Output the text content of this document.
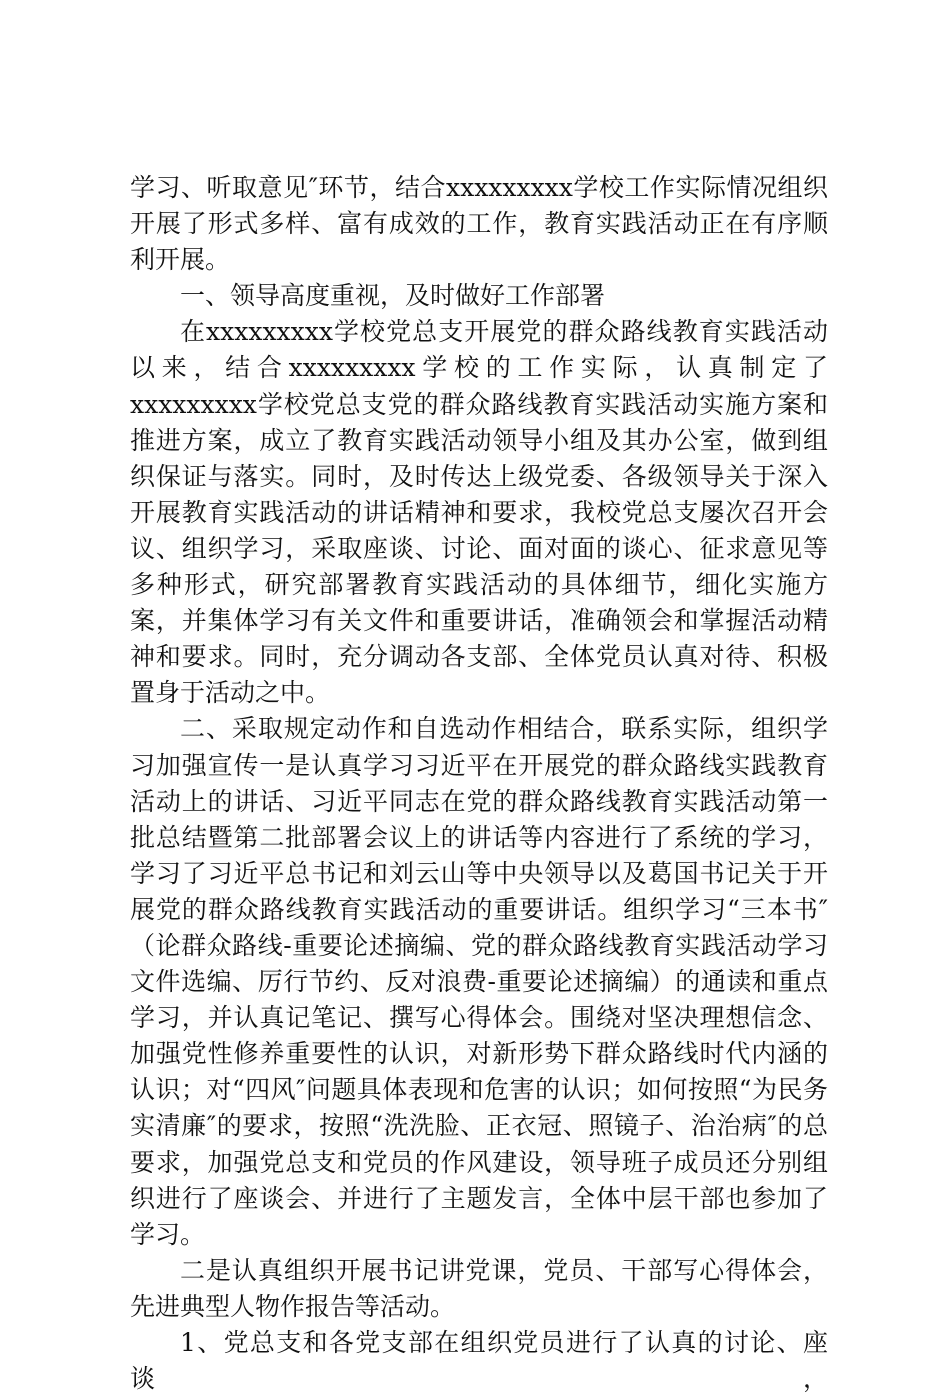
学习、听取意见″环节，结合xxxxxxxxx学校工作实际情况组织开展了形式多样、富有成效的工作，教育实践活动正在有序顺利开展。

一、领导高度重视，及时做好工作部署

在xxxxxxxxx学校党总支开展党的群众路线教育实践活动以来，结合xxxxxxxxx学校的工作实际，认真制定了xxxxxxxxx学校党总支党的群众路线教育实践活动实施方案和推进方案，成立了教育实践活动领导小组及其办公室，做到组织保证与落实。同时，及时传达上级党委、各级领导关于深入开展教育实践活动的讲话精神和要求，我校党总支屡次召开会议、组织学习，采取座谈、讨论、面对面的谈心、征求意见等多种形式，研究部署教育实践活动的具体细节，细化实施方案，并集体学习有关文件和重要讲话，准确领会和掌握活动精神和要求。同时，充分调动各支部、全体党员认真对待、积极置身于活动之中。

二、采取规定动作和自选动作相结合，联系实际，组织学习加强宣传一是认真学习习近平在开展党的群众路线实践教育活动上的讲话、习近平同志在党的群众路线教育实践活动第一批总结暨第二批部署会议上的讲话等内容进行了系统的学习，学习了习近平总书记和刘云山等中央领导以及葛国书记关于开展党的群众路线教育实践活动的重要讲话。组织学习“三本书″（论群众路线-重要论述摘编、党的群众路线教育实践活动学习文件选编、厉行节约、反对浪费-重要论述摘编）的通读和重点学习，并认真记笔记、撰写心得体会。围绕对坚决理想信念、加强党性修养重要性的认识，对新形势下群众路线时代内涵的认识；对“四风″问题具体表现和危害的认识；如何按照“为民务实清廉″的要求，按照“洗洗脸、正衣冠、照镜子、治治病″的总要求，加强党总支和党员的作风建设，领导班子成员还分别组织进行了座谈会、并进行了主题发言，全体中层干部也参加了学习。

二是认真组织开展书记讲党课，党员、干部写心得体会，先进典型人物作报告等活动。

1、党总支和各党支部在组织党员进行了认真的讨论、座谈，
